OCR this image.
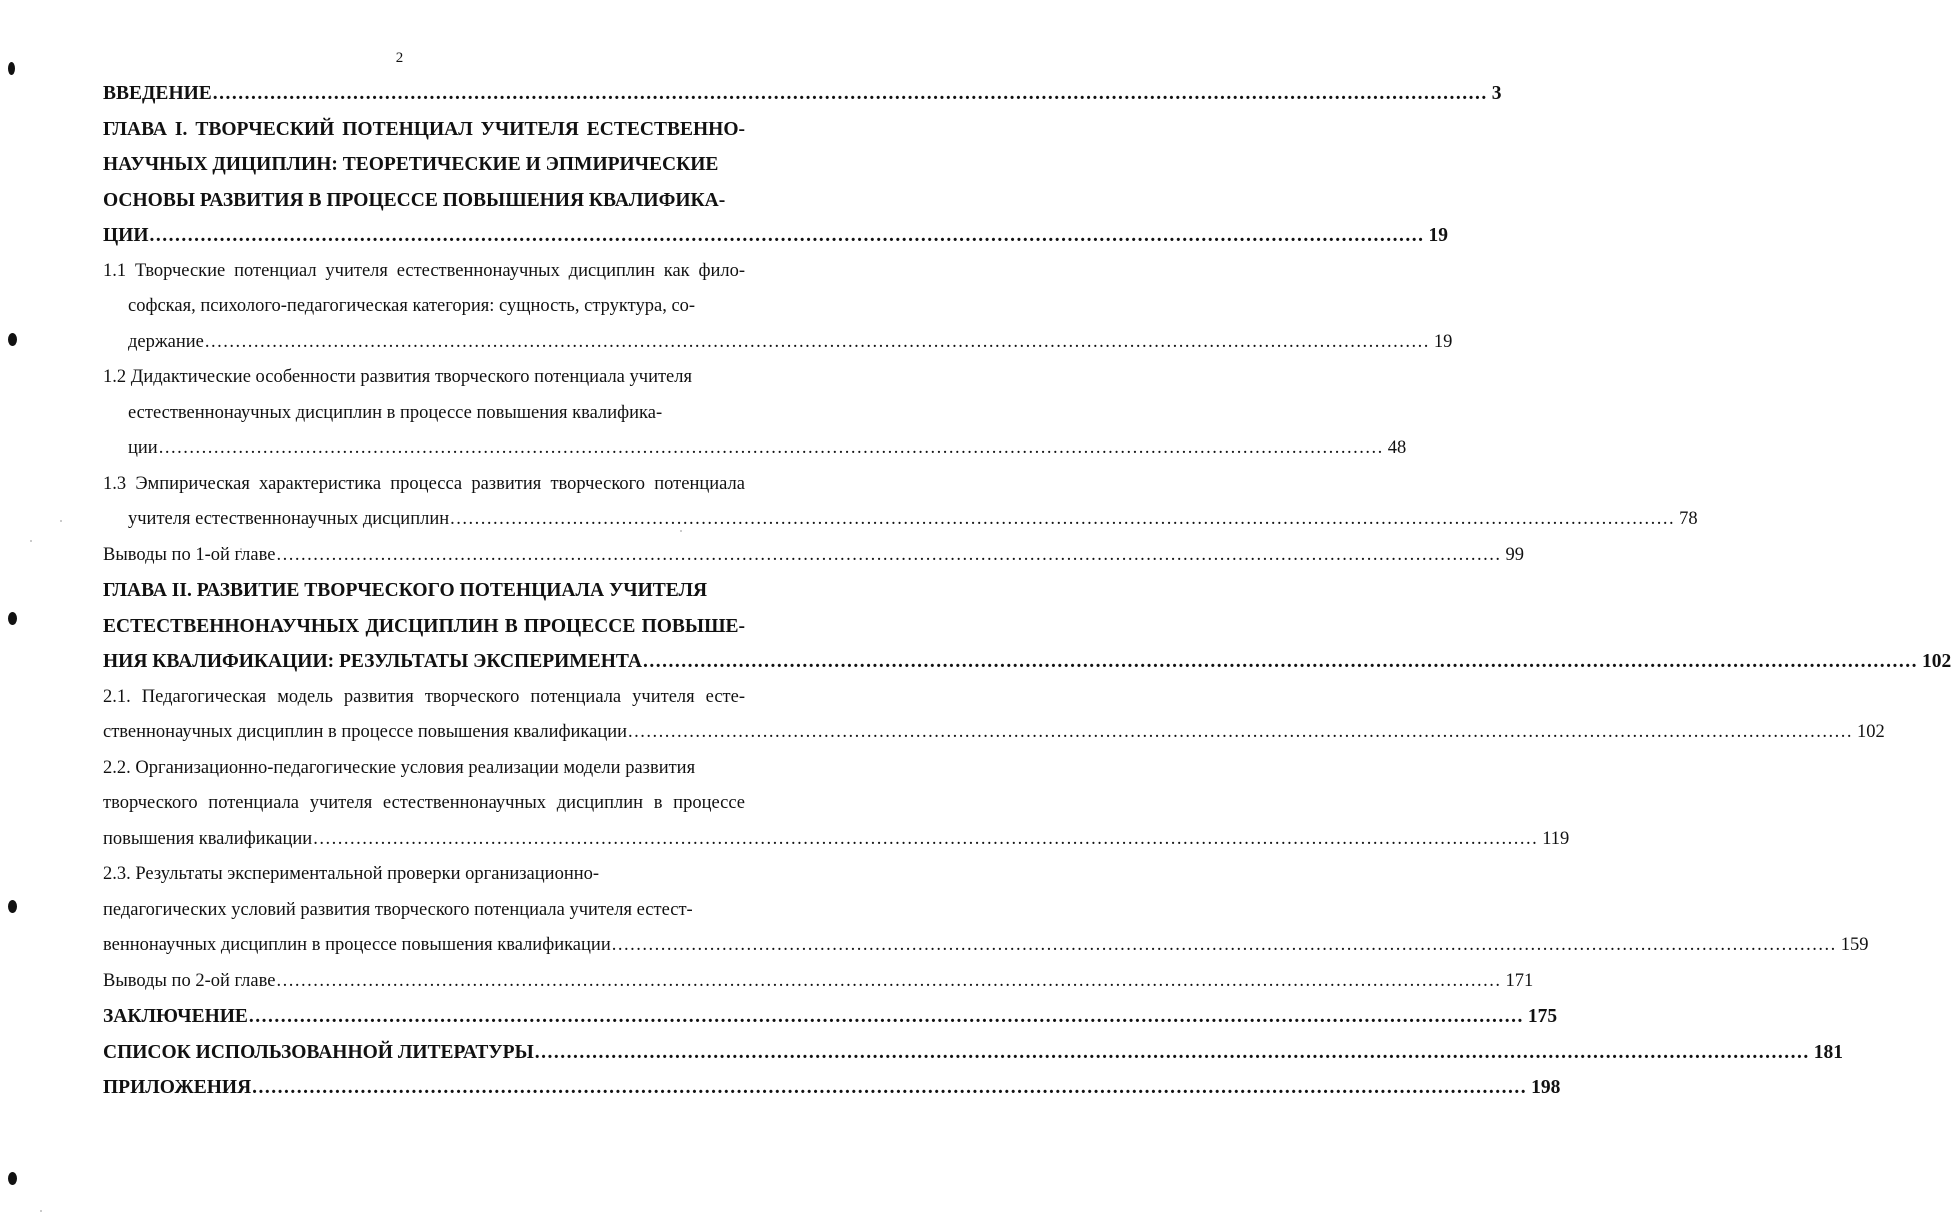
2
ВВЕДЕНИЕ ........................................................................................................................................................................................................ 3
ГЛАВА I. ТВОРЧЕСКИЙ ПОТЕНЦИАЛ УЧИТЕЛЯ ЕСТЕСТВЕННО-
НАУЧНЫХ ДИЦИПЛИН: ТЕОРЕТИЧЕСКИЕ И ЭПМИРИЧЕСКИЕ
ОСНОВЫ РАЗВИТИЯ В ПРОЦЕССЕ ПОВЫШЕНИЯ КВАЛИФИКА-
ЦИИ ........................................................................................................................................................................................................ 19
1.1 Творческие потенциал учителя естественнонаучных дисциплин как фило-
софская, психолого-педагогическая категория: сущность, структура, со-
держание ........................................................................................................................................................................................................ 19
1.2 Дидактические особенности развития творческого потенциала учителя
естественнонаучных дисциплин в процессе повышения квалифика-
ции ........................................................................................................................................................................................................ 48
1.3 Эмпирическая характеристика процесса развития творческого потенциала
учителя естественнонаучных дисциплин ........................................................................................................................................................................................................ 78
Выводы по 1-ой главе ........................................................................................................................................................................................................ 99
ГЛАВА II. РАЗВИТИЕ ТВОРЧЕСКОГО ПОТЕНЦИАЛА УЧИТЕЛЯ
ЕСТЕСТВЕННОНАУЧНЫХ ДИСЦИПЛИН В ПРОЦЕССЕ ПОВЫШЕ-
НИЯ КВАЛИФИКАЦИИ: РЕЗУЛЬТАТЫ ЭКСПЕРИМЕНТА ........................................................................................................................................................................................................ 102
2.1. Педагогическая модель развития творческого потенциала учителя есте-
ственнонаучных дисциплин в процессе повышения квалификации ........................................................................................................................................................................................................ 102
2.2. Организационно-педагогические условия реализации модели развития
творческого потенциала учителя естественнонаучных дисциплин в процессе
повышения квалификации ........................................................................................................................................................................................................ 119
2.3. Результаты экспериментальной проверки организационно-
педагогических условий развития творческого потенциала учителя естест-
веннонаучных дисциплин в процессе повышения квалификации ........................................................................................................................................................................................................ 159
Выводы по 2-ой главе ........................................................................................................................................................................................................ 171
ЗАКЛЮЧЕНИЕ ........................................................................................................................................................................................................ 175
СПИСОК ИСПОЛЬЗОВАННОЙ ЛИТЕРАТУРЫ ........................................................................................................................................................................................................ 181
ПРИЛОЖЕНИЯ ........................................................................................................................................................................................................ 198
